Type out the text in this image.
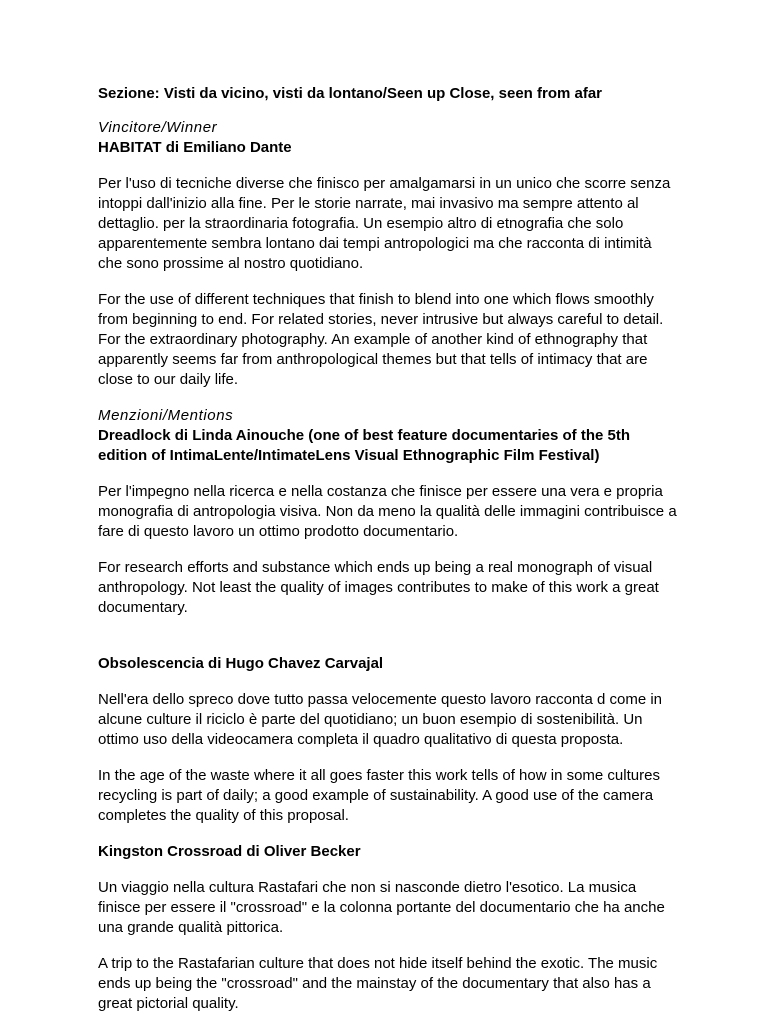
Sezione: Visti da vicino, visti da lontano/Seen up Close, seen from afar

Vincitore/Winner

HABITAT di Emiliano Dante

Per l'uso di tecniche diverse che finisco per amalgamarsi in un unico che scorre senza intoppi dall'inizio alla fine. Per le storie narrate, mai invasivo ma sempre attento al dettaglio. per la straordinaria fotografia. Un esempio altro di etnografia che solo apparentemente sembra lontano dai tempi antropologici ma che racconta di intimità che sono prossime al nostro quotidiano.

For the use of different techniques that finish to blend into one which flows smoothly from beginning to end. For related stories, never intrusive but always careful to detail. For the extraordinary photography. An example of another kind of ethnography that apparently seems far from anthropological themes but that tells of intimacy that are close to our daily life.

Menzioni/Mentions

Dreadlock di Linda Ainouche (one of best feature documentaries of the 5th edition of IntimaLente/IntimateLens Visual Ethnographic Film Festival)

Per l'impegno nella ricerca e nella costanza che finisce per essere una vera e propria monografia di antropologia visiva. Non da meno la qualità delle immagini contribuisce a fare di questo lavoro un ottimo prodotto documentario.

For research efforts and substance which ends up being a real monograph of visual anthropology. Not least the quality of images contributes to make of this work a great documentary.

Obsolescencia di Hugo Chavez Carvajal

Nell'era dello spreco dove tutto passa velocemente questo lavoro racconta d come in alcune culture il riciclo è parte del quotidiano; un buon esempio di sostenibilità. Un ottimo uso della videocamera completa il quadro qualitativo di questa proposta.

In the age of the waste where it all goes faster this work tells of how in some cultures recycling is part of daily; a good example of sustainability. A good use of the camera completes the quality of this proposal.

Kingston Crossroad di Oliver Becker

Un viaggio nella cultura Rastafari che non si nasconde dietro l'esotico. La musica finisce per essere il "crossroad" e la colonna portante del documentario che ha anche una grande qualità pittorica.

A trip to the Rastafarian culture that does not hide itself behind the exotic. The music ends up being the "crossroad" and the mainstay of the documentary that also has a great pictorial quality.
